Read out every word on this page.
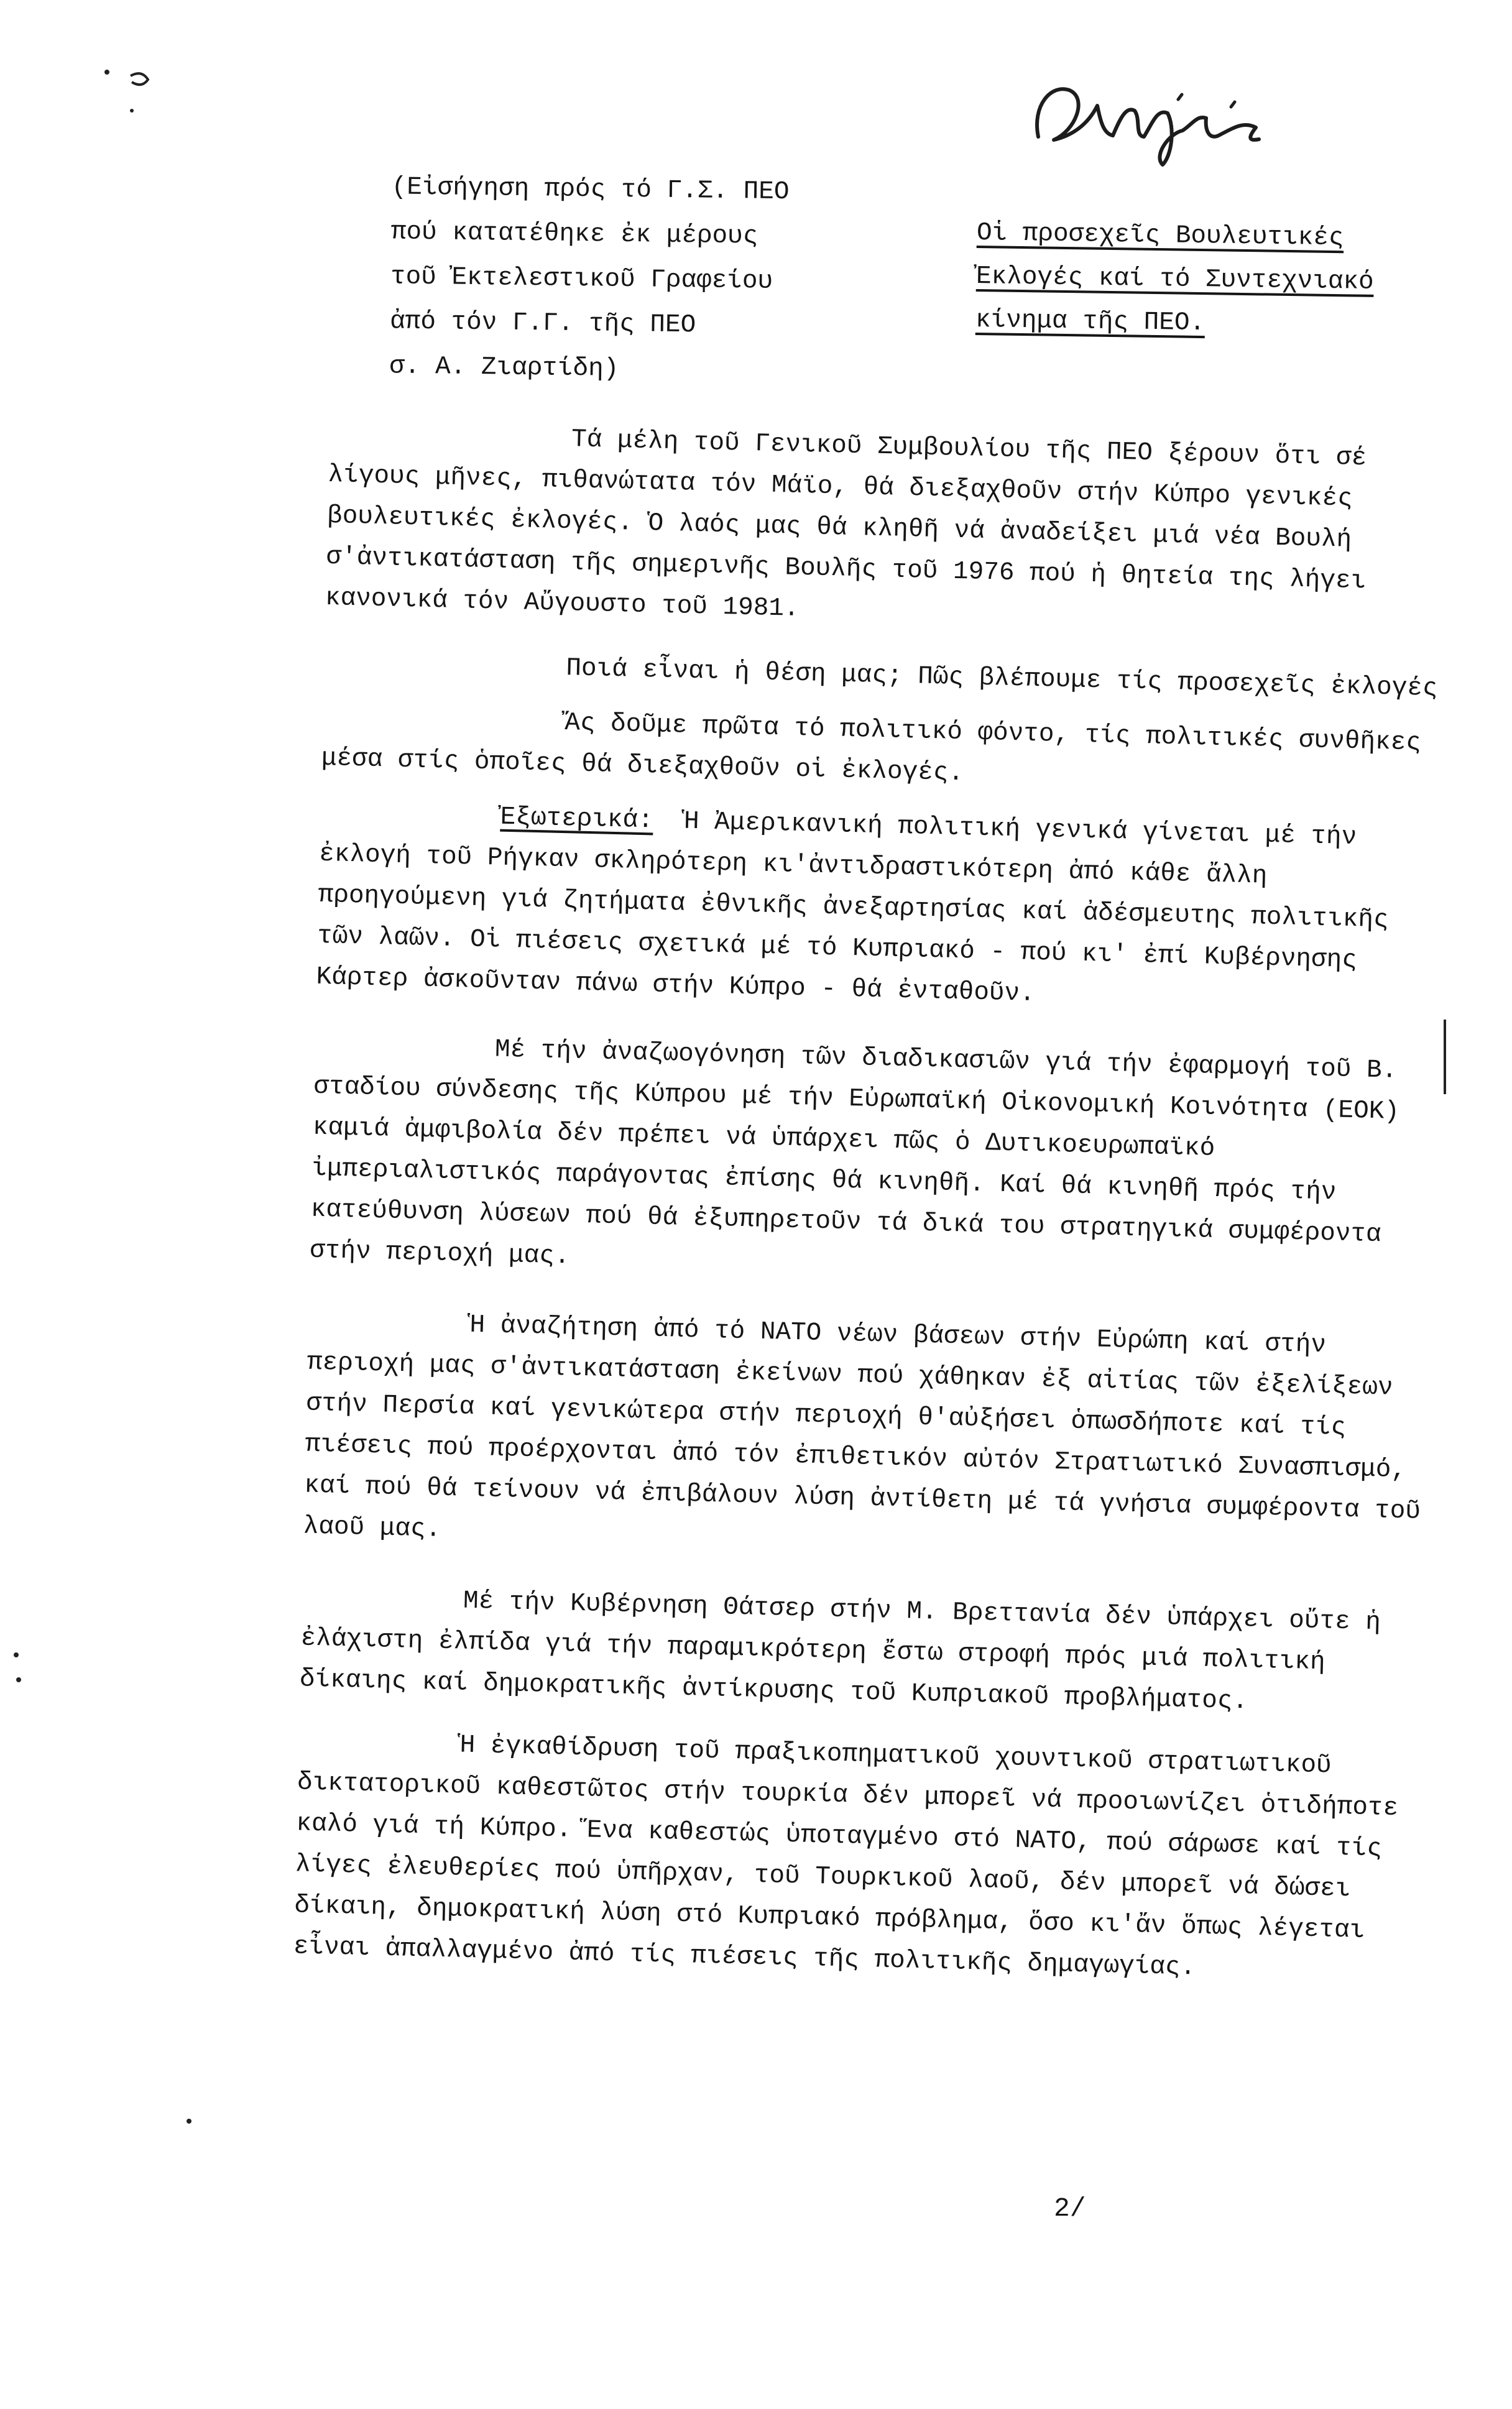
(Εἰσήγηση πρός τό Γ.Σ. ΠΕΟ

πού κατατέθηκε ἐκ μέρους

τοῦ Ἐκτελεστικοῦ Γραφείου

ἀπό τόν Γ.Γ. τῆς ΠΕΟ

σ. Α. Ζιαρτίδη)

Οἱ προσεχεῖς Βουλευτικές

Ἐκλογές καί τό Συντεχνιακό

κίνημα τῆς ΠΕΟ.

Τά μέλη τοῦ Γενικοῦ Συμβουλίου τῆς ΠΕΟ ξέρουν ὅτι σέ λίγους μῆνες, πιθανώτατα τόν Μάϊο, θά διεξαχθοῦν στήν Κύπρο γενικές βουλευτικές ἐκλογές. Ὁ λαός μας θά κληθῆ νά ἀναδείξει μιά νέα Βουλή σ'ἀντικατάσταση τῆς σημερινῆς Βουλῆς τοῦ 1976 πού ἡ θητεία της λήγει κανονικά τόν Αὔγουστο τοῦ 1981.

Ποιά εἶναι ἡ θέση μας; Πῶς βλέπουμε τίς προσεχεῖς ἐκλογές

Ἄς δοῦμε πρῶτα τό πολιτικό φόντο, τίς πολιτικές συνθῆκες μέσα στίς ὁποῖες θά διεξαχθοῦν οἱ ἐκλογές.

Ἐξωτερικά: Ἡ Ἀμερικανική πολιτική γενικά γίνεται μέ τήν ἐκλογή τοῦ Ρήγκαν σκληρότερη κι'ἀντιδραστικότερη ἀπό κάθε ἄλλη προηγούμενη γιά ζητήματα ἐθνικῆς ἀνεξαρτησίας καί ἀδέσμευτης πολιτικῆς τῶν λαῶν. Οἱ πιέσεις σχετικά μέ τό Κυπριακό - πού κι' ἐπί Κυβέρνησης Κάρτερ ἀσκοῦνταν πάνω στήν Κύπρο - θά ἐνταθοῦν.

Μέ τήν ἀναζωογόνηση τῶν διαδικασιῶν γιά τήν ἐφαρμογή τοῦ Β. σταδίου σύνδεσης τῆς Κύπρου μέ τήν Εὐρωπαϊκή Οἰκονομική Κοινότητα (ΕΟΚ) καμιά ἀμφιβολία δέν πρέπει νά ὑπάρχει πῶς ὁ Δυτικοευρωπαϊκό ἰμπεριαλιστικός παράγοντας ἐπίσης θά κινηθῆ. Καί θά κινηθῆ πρός τήν κατεύθυνση λύσεων πού θά ἐξυπηρετοῦν τά δικά του στρατηγικά συμφέροντα στήν περιοχή μας.

Ἡ ἀναζήτηση ἀπό τό ΝΑΤΟ νέων βάσεων στήν Εὐρώπη καί στήν περιοχή μας σ'ἀντικατάσταση ἐκείνων πού χάθηκαν ἐξ αἰτίας τῶν ἐξελίξεων στήν Περσία καί γενικώτερα στήν περιοχή θ'αὐξήσει ὁπωσδήποτε καί τίς πιέσεις πού προέρχονται ἀπό τόν ἐπιθετικόν αὐτόν Στρατιωτικό Συνασπισμό, καί πού θά τείνουν νά ἐπιβάλουν λύση ἀντίθετη μέ τά γνήσια συμφέροντα τοῦ λαοῦ μας.

Μέ τήν Κυβέρνηση Θάτσερ στήν Μ. Βρεττανία δέν ὑπάρχει οὔτε ἡ ἐλάχιστη ἐλπίδα γιά τήν παραμικρότερη ἔστω στροφή πρός μιά πολιτική δίκαιης καί δημοκρατικῆς ἀντίκρυσης τοῦ Κυπριακοῦ προβλήματος.

Ἡ ἐγκαθίδρυση τοῦ πραξικοπηματικοῦ χουντικοῦ στρατιωτικοῦ δικτατορικοῦ καθεστῶτος στήν τουρκία δέν μπορεῖ νά προοιωνίζει ὁτιδήποτε καλό γιά τή Κύπρο. Ἕνα καθεστώς ὑποταγμένο στό ΝΑΤΟ, πού σάρωσε καί τίς λίγες ἐλευθερίες πού ὑπῆρχαν, τοῦ Τουρκικοῦ λαοῦ, δέν μπορεῖ νά δώσει δίκαιη, δημοκρατική λύση στό Κυπριακό πρόβλημα, ὅσο κι'ἄν ὅπως λέγεται εἶναι ἀπαλλαγμένο ἀπό τίς πιέσεις τῆς πολιτικῆς δημαγωγίας.

2/
